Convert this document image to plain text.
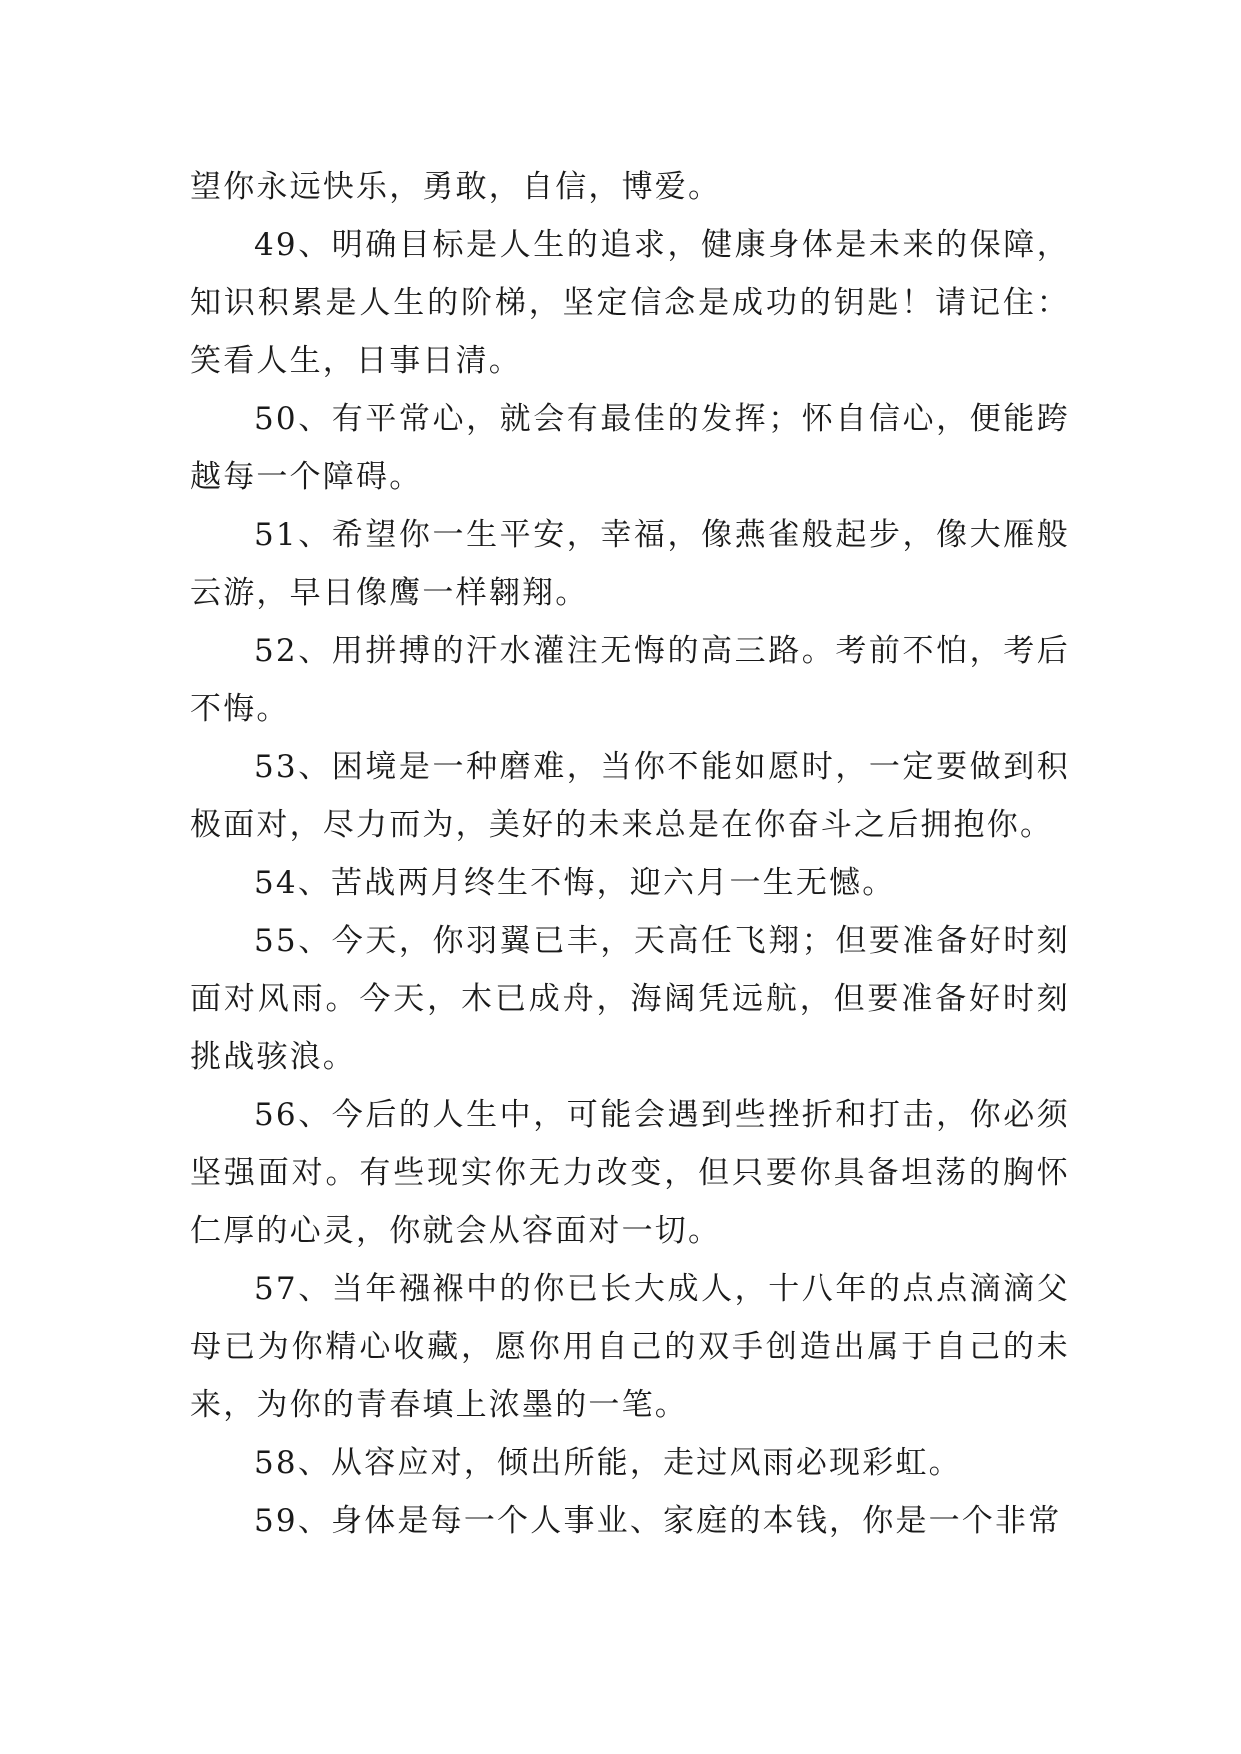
望你永远快乐，勇敢，自信，博爱。

49、明确目标是人生的追求，健康身体是未来的保障，知识积累是人生的阶梯，坚定信念是成功的钥匙！请记住：笑看人生，日事日清。

50、有平常心，就会有最佳的发挥；怀自信心，便能跨越每一个障碍。

51、希望你一生平安，幸福，像燕雀般起步，像大雁般云游，早日像鹰一样翱翔。

52、用拼搏的汗水灌注无悔的高三路。考前不怕，考后不悔。

53、困境是一种磨难，当你不能如愿时，一定要做到积极面对，尽力而为，美好的未来总是在你奋斗之后拥抱你。

54、苦战两月终生不悔，迎六月一生无憾。

55、今天，你羽翼已丰，天高任飞翔；但要准备好时刻面对风雨。今天，木已成舟，海阔凭远航，但要准备好时刻挑战骇浪。

56、今后的人生中，可能会遇到些挫折和打击，你必须坚强面对。有些现实你无力改变，但只要你具备坦荡的胸怀仁厚的心灵，你就会从容面对一切。

57、当年襁褓中的你已长大成人，十八年的点点滴滴父母已为你精心收藏，愿你用自己的双手创造出属于自己的未来，为你的青春填上浓墨的一笔。

58、从容应对，倾出所能，走过风雨必现彩虹。

59、身体是每一个人事业、家庭的本钱，你是一个非常
